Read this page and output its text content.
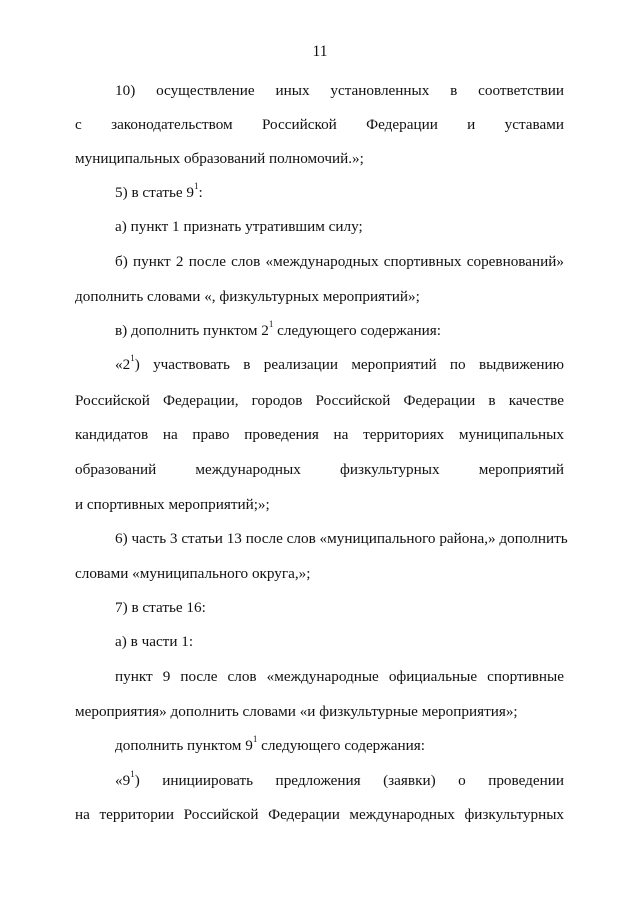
11
10) осуществление иных установленных в соответствии
с законодательством Российской Федерации и уставами
муниципальных образований полномочий.»;
5) в статье $9^1$:
а) пункт 1 признать утратившим силу;
б) пункт 2 после слов «международных спортивных соревнований»
дополнить словами «, физкультурных мероприятий»;
в) дополнить пунктом $2^1$ следующего содержания:
«$2^1$) участвовать в реализации мероприятий по выдвижению
Российской Федерации, городов Российской Федерации в качестве
кандидатов на право проведения на территориях муниципальных
образований международных физкультурных мероприятий
и спортивных мероприятий;»;
6) часть 3 статьи 13 после слов «муниципального района,» дополнить
словами «муниципального округа,»;
7) в статье 16:
а) в части 1:
пункт 9 после слов «международные официальные спортивные
мероприятия» дополнить словами «и физкультурные мероприятия»;
дополнить пунктом $9^1$ следующего содержания:
«$9^1$) инициировать предложения (заявки) о проведении
на территории Российской Федерации международных физкультурных
